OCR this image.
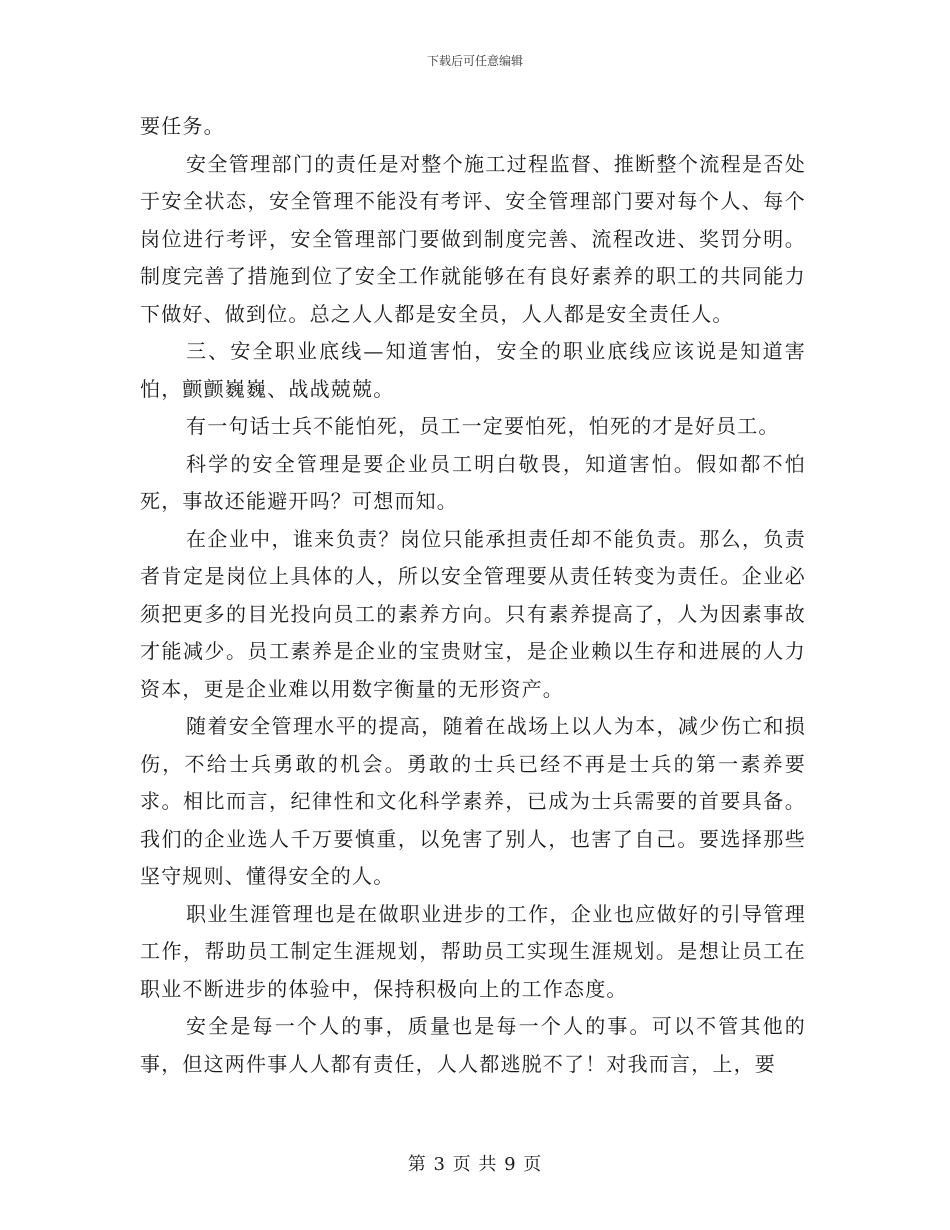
下载后可任意编辑

要任务。

安全管理部门的责任是对整个施工过程监督、推断整个流程是否处于安全状态，安全管理不能没有考评、安全管理部门要对每个人、每个岗位进行考评，安全管理部门要做到制度完善、流程改进、奖罚分明。制度完善了措施到位了安全工作就能够在有良好素养的职工的共同能力下做好、做到位。总之人人都是安全员，人人都是安全责任人。

三、安全职业底线—知道害怕，安全的职业底线应该说是知道害怕，颤颤巍巍、战战兢兢。

有一句话士兵不能怕死，员工一定要怕死，怕死的才是好员工。

科学的安全管理是要企业员工明白敬畏，知道害怕。假如都不怕死，事故还能避开吗？可想而知。

在企业中，谁来负责？岗位只能承担责任却不能负责。那么，负责者肯定是岗位上具体的人，所以安全管理要从责任转变为责任。企业必须把更多的目光投向员工的素养方向。只有素养提高了，人为因素事故才能减少。员工素养是企业的宝贵财宝，是企业赖以生存和进展的人力资本，更是企业难以用数字衡量的无形资产。

随着安全管理水平的提高，随着在战场上以人为本，减少伤亡和损伤，不给士兵勇敢的机会。勇敢的士兵已经不再是士兵的第一素养要求。相比而言，纪律性和文化科学素养，已成为士兵需要的首要具备。我们的企业选人千万要慎重，以免害了别人，也害了自己。要选择那些坚守规则、懂得安全的人。

职业生涯管理也是在做职业进步的工作，企业也应做好的引导管理工作，帮助员工制定生涯规划，帮助员工实现生涯规划。是想让员工在职业不断进步的体验中，保持积极向上的工作态度。

安全是每一个人的事，质量也是每一个人的事。可以不管其他的事，但这两件事人人都有责任，人人都逃脱不了！对我而言，上，要

第 3 页 共 9 页
